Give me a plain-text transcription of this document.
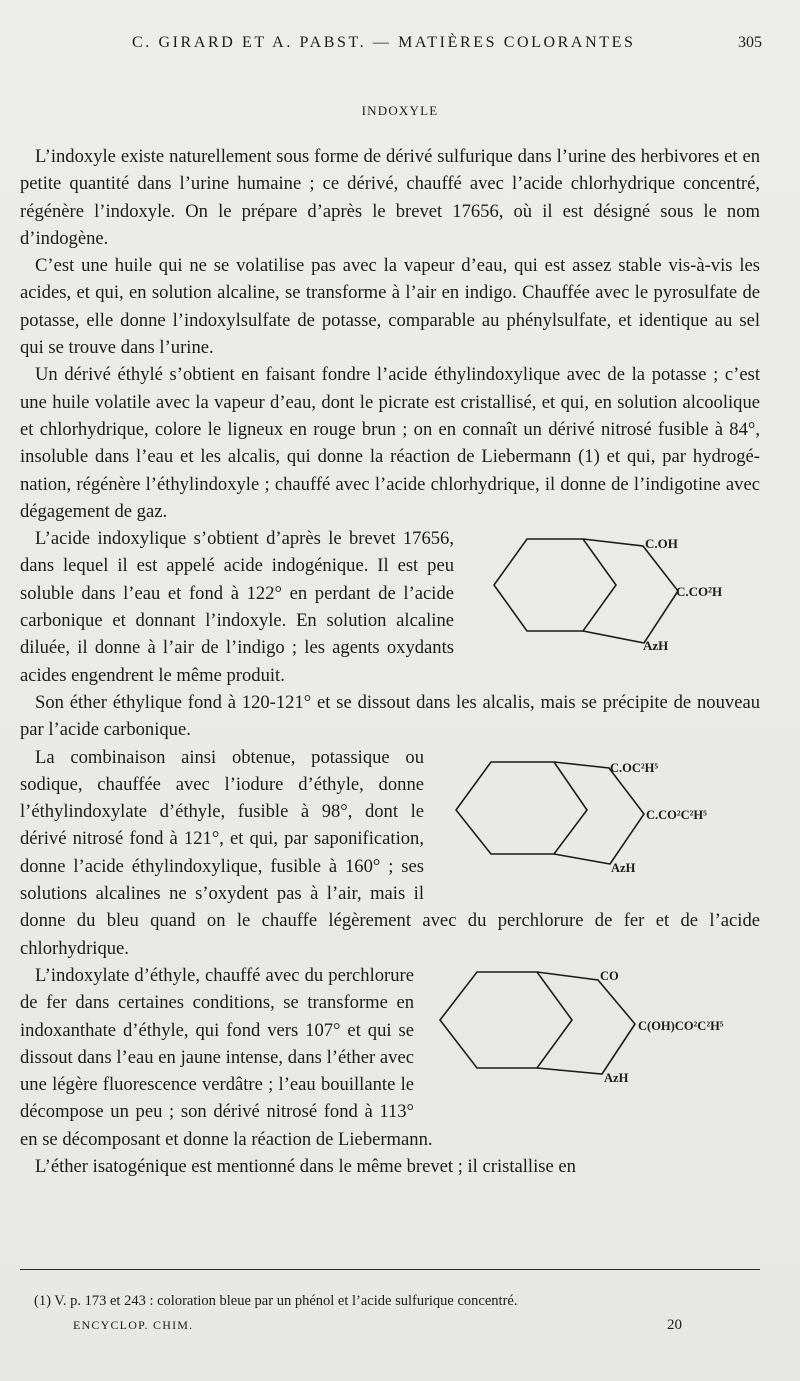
C. GIRARD ET A. PABST. — MATIÈRES COLORANTES	305
INDOXYLE

L’indoxyle existe naturellement sous forme de dérivé sulfurique dans l’urine des herbivores et en petite quantité dans l’urine humaine ; ce dérivé, chauffé avec l’acide chlorhydrique concentré, régénère l’indoxyle. On le prépare d’après le brevet 17656, où il est désigné sous le nom d’indogène.

C’est une huile qui ne se volatilise pas avec la vapeur d’eau, qui est assez stable vis-à-vis les acides, et qui, en solution alcaline, se transforme à l’air en indigo. Chauffée avec le pyrosulfate de potasse, elle donne l’indoxylsulfate de potasse, comparable au phénylsulfate, et identique au sel qui se trouve dans l’urine.

Un dérivé éthylé s’obtient en faisant fondre l’acide éthylindoxylique avec de la potasse ; c’est une huile volatile avec la vapeur d’eau, dont le picrate est cristallisé, et qui, en solution alcoolique et chlorhydrique, colore le ligneux en rouge brun ; on en connaît un dérivé nitrosé fusible à 84°, insoluble dans l’eau et les alcalis, qui donne la réaction de Liebermann (1) et qui, par hydrogénation, régénère l’éthylindoxyle ; chauffé avec l’acide chlorhydrique, il donne de l’indigotine avec dégagement de gaz.

C.OH
C.CO²H
AzH

L’acide indoxylique s’obtient d’après le brevet 17656, dans lequel il est appelé acide indogénique. Il est peu soluble dans l’eau et fond à 122° en perdant de l’acide carbonique et donnant l’indoxyle. En solution alcaline diluée, il donne à l’air de l’indigo ; les agents oxydants acides engendrent le même produit.

Son éther éthylique fond à 120-121° et se dissout dans les alcalis, mais se précipite de nouveau par l’acide carbonique.

C.OC²H⁵
C.CO²C²H⁵
AzH

La combinaison ainsi obtenue, potassique ou sodique, chauffée avec l’iodure d’éthyle, donne l’éthylindoxylate d’éthyle, fusible à 98°, dont le dérivé nitrosé fond à 121°, et qui, par saponification, donne l’acide éthylindoxylique, fusible à 160° ; ses solutions alcalines ne s’oxydent pas à l’air, mais il donne du bleu quand on le chauffe légèrement avec du perchlorure de fer et de l’acide chlorhydrique.

CO
C(OH)CO²C²H⁵
AzH

L’indoxylate d’éthyle, chauffé avec du perchlorure de fer dans certaines conditions, se transforme en indoxanthate d’éthyle, qui fond vers 107° et qui se dissout dans l’eau en jaune intense, dans l’éther avec une légère fluorescence verdâtre ; l’eau bouillante le décompose un peu ; son dérivé nitrosé fond à 113° en se décomposant et donne la réaction de Liebermann.

L’éther isatogénique est mentionné dans le même brevet ; il cristallise en

(1) V. p. 173 et 243 : coloration bleue par un phénol et l’acide sulfurique concentré.
ENCYCLOP. CHIM.	20
